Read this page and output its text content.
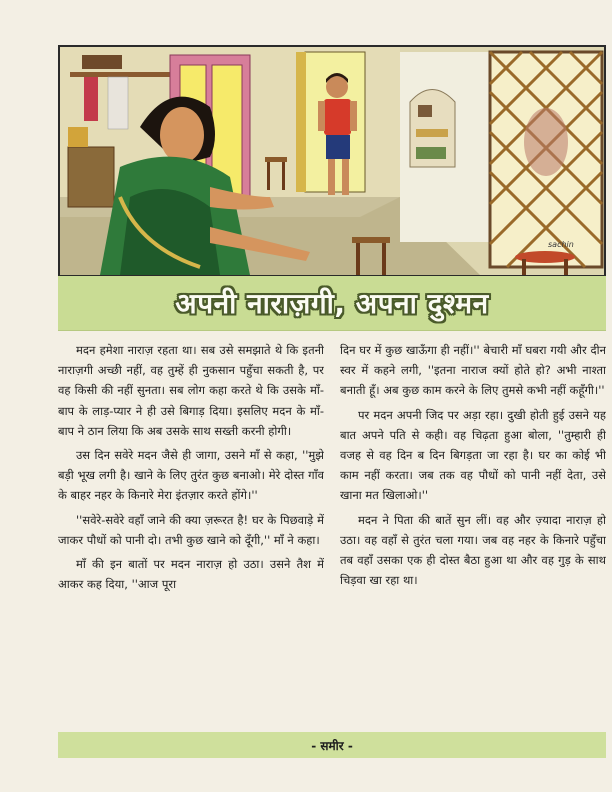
sachin
अपनी नाराज़गी, अपना दुश्मन

मदन हमेशा नाराज़ रहता था। सब उसे समझाते थे कि इतनी नाराज़गी अच्छी नहीं, वह तुम्हें ही नुकसान पहुँचा सकती है, पर वह किसी की नहीं सुनता। सब लोग कहा करते थे कि उसके माँ-बाप के लाड़-प्यार ने ही उसे बिगाड़ दिया। इसलिए मदन के माँ-बाप ने ठान लिया कि अब उसके साथ सख्ती करनी होगी।

उस दिन सवेरे मदन जैसे ही जागा, उसने माँ से कहा, ''मुझे बड़ी भूख लगी है। खाने के लिए तुरंत कुछ बनाओ। मेरे दोस्त गाँव के बाहर नहर के किनारे मेरा इंतज़ार करते होंगे।''

''सवेरे-सवेरे वहाँ जाने की क्या ज़रूरत है! घर के पिछवाड़े में जाकर पौधों को पानी दो। तभी कुछ खाने को दूँगी,'' माँ ने कहा।

माँ की इन बातों पर मदन नाराज़ हो उठा। उसने तैश में आकर कह दिया, ''आज पूरा

दिन घर में कुछ खाऊँगा ही नहीं।'' बेचारी माँ घबरा गयी और दीन स्वर में कहने लगी, ''इतना नाराज क्यों होते हो? अभी नाश्ता बनाती हूँ। अब कुछ काम करने के लिए तुमसे कभी नहीं कहूँगी।''

पर मदन अपनी जिद पर अड़ा रहा। दुखी होती हुई उसने यह बात अपने पति से कही। वह चिढ़ता हुआ बोला, ''तुम्हारी ही वजह से वह दिन ब दिन बिगड़ता जा रहा है। घर का कोई भी काम नहीं करता। जब तक वह पौधों को पानी नहीं देता, उसे खाना मत खिलाओ।''

मदन ने पिता की बातें सुन लीं। वह और ज़्यादा नाराज़ हो उठा। वह वहाँ से तुरंत चला गया। जब वह नहर के किनारे पहुँचा तब वहाँ उसका एक ही दोस्त बैठा हुआ था और वह गुड़ के साथ चिड़वा खा रहा था।

- समीर -
